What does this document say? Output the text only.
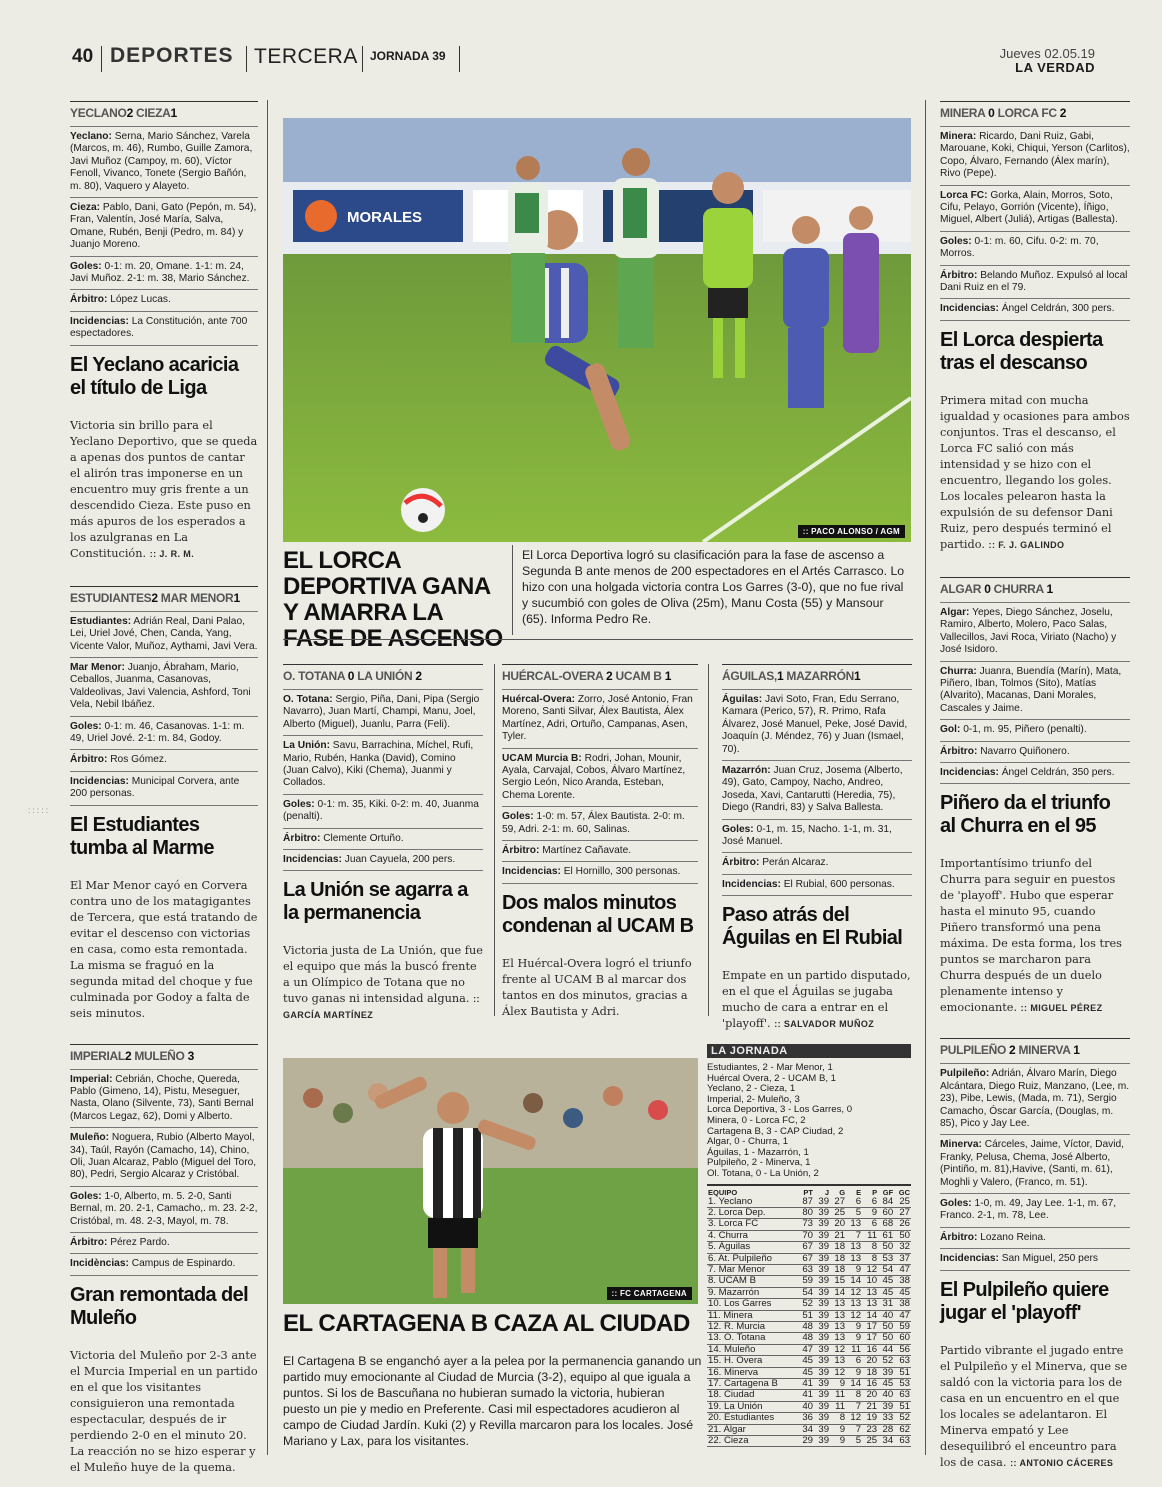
40 DEPORTES TERCERA JORNADA 39	Jueves 02.05.19
LA VERDAD
: : : : :
YECLANO2 CIEZA1
Yeclano: Serna, Mario Sánchez, Varela (Marcos, m. 46), Rumbo, Guille Zamora, Javi Muñoz (Campoy, m. 60), Víctor Fenoll, Vivanco, Tonete (Sergio Bañón, m. 80), Vaquero y Alayeto.
Cieza: Pablo, Dani, Gato (Pepón, m. 54), Fran, Valentín, José María, Salva, Omane, Rubén, Benji (Pedro, m. 84) y Juanjo Moreno.
Goles: 0-1: m. 20, Omane. 1-1: m. 24, Javi Muñoz. 2-1: m. 38, Mario Sánchez.
Árbitro: López Lucas.
Incidencias: La Constitución, ante 700 espectadores.
El Yeclano acaricia el título de Liga

Victoria sin brillo para el Yeclano Deportivo, que se queda a apenas dos puntos de cantar el alirón tras imponerse en un encuentro muy gris frente a un descendido Cieza. Este puso en más apuros de los esperados a los azulgranas en La Constitución. :: J. R. M.

ESTUDIANTES2 MAR MENOR1
Estudiantes: Adrián Real, Dani Palao, Lei, Uriel Jové, Chen, Canda, Yang, Vicente Valor, Muñoz, Aythami, Javi Vera.
Mar Menor: Juanjo, Ábraham, Mario, Ceballos, Juanma, Casanovas, Valdeolivas, Javi Valencia, Ashford, Toni Vela, Nebil Ibáñez.
Goles: 0-1: m. 46, Casanovas. 1-1: m. 49, Uriel Jové. 2-1: m. 84, Godoy.
Árbitro: Ros Gómez.
Incidencias: Municipal Corvera, ante 200 personas.
El Estudiantes tumba al Marme

El Mar Menor cayó en Corvera contra uno de los matagigantes de Tercera, que está tratando de evitar el descenso con victorias en casa, como esta remontada. La misma se fraguó en la segunda mitad del choque y fue culminada por Godoy a falta de seis minutos.

IMPERIAL2 MULEÑO 3
Imperial: Cebrián, Choche, Quereda, Pablo (Gimeno, 14), Pistu, Meseguer, Nasta, Olano (Silvente, 73), Santi Bernal (Marcos Legaz, 62), Domi y Alberto.
Muleño: Noguera, Rubio (Alberto Mayol, 34), Taúl, Rayón (Camacho, 14), Chino, Oli, Juan Alcaraz, Pablo (Miguel del Toro, 80), Pedri, Sergio Alcaraz y Cristóbal.
Goles: 1-0, Alberto, m. 5. 2-0, Santi Bernal, m. 20. 2-1, Camacho,. m. 23. 2-2, Cristóbal, m. 48. 2-3, Mayol, m. 78.
Árbitro: Pérez Pardo.
Incidèncias: Campus de Espinardo.
Gran remontada del Muleño

Victoria del Muleño por 2-3 ante el Murcia Imperial en un partido en el que los visitantes consiguieron una remontada espectacular, después de ir perdiendo 2-0 en el minuto 20. La reacción no se hizo esperar y el Muleño huye de la quema.

MORALES
:: PACO ALONSO / AGM
EL LORCA DEPORTIVA GANA Y AMARRA LA FASE DE ASCENSO

El Lorca Deportiva logró su clasificación para la fase de ascenso a Segunda B ante menos de 200 espectadores en el Artés Carrasco. Lo hizo con una holgada victoria contra Los Garres (3-0), que no fue rival y sucumbió con goles de Oliva (25m), Manu Costa (55) y Mansour (65). Informa Pedro Re.

O. TOTANA 0 LA UNIÓN 2
O. Totana: Sergio, Piña, Dani, Pipa (Sergio Navarro), Juan Martí, Champi, Manu, Joel, Alberto (Miguel), Juanlu, Parra (Feli).
La Unión: Savu, Barrachina, Míchel, Rufi, Mario, Rubén, Hanka (David), Comino (Juan Calvo), Kiki (Chema), Juanmi y Collados.
Goles: 0-1: m. 35, Kiki. 0-2: m. 40, Juanma (penalti).
Árbitro: Clemente Ortuño.
Incidencias: Juan Cayuela, 200 pers.
La Unión se agarra a la permanencia

Victoria justa de La Unión, que fue el equipo que más la buscó frente a un Olímpico de Totana que no tuvo ganas ni intensidad alguna. :: GARCÍA MARTÍNEZ

HUÉRCAL-OVERA 2 UCAM B 1
Huércal-Overa: Zorro, José Antonio, Fran Moreno, Santi Silvar, Álex Bautista, Álex Martínez, Adri, Ortuño, Campanas, Asen, Tyler.
UCAM Murcia B: Rodri, Johan, Mounir, Ayala, Carvajal, Cobos, Álvaro Martínez, Sergio León, Nico Aranda, Esteban, Chema Lorente.
Goles: 1-0: m. 57, Álex Bautista. 2-0: m. 59, Adri. 2-1: m. 60, Salinas.
Árbitro: Martínez Cañavate.
Incidencias: El Hornillo, 300 personas.
Dos malos minutos condenan al UCAM B

El Huércal-Overa logró el triunfo frente al UCAM B al marcar dos tantos en dos minutos, gracias a Álex Bautista y Adri.

ÁGUILAS,1 MAZARRÓN1
Águilas: Javi Soto, Fran, Edu Serrano, Kamara (Perico, 57), R. Primo, Rafa Álvarez, José Manuel, Peke, José David, Joaquín (J. Méndez, 76) y Juan (Ismael, 70).
Mazarrón: Juan Cruz, Josema (Alberto, 49), Gato, Campoy, Nacho, Andreo, Joseda, Xavi, Cantarutti (Heredia, 75), Diego (Randri, 83) y Salva Ballesta.
Goles: 0-1, m. 15, Nacho. 1-1, m. 31, José Manuel.
Árbitro: Perán Alcaraz.
Incidencias: El Rubial, 600 personas.
Paso atrás del Águilas en El Rubial

Empate en un partido disputado, en el que el Águilas se jugaba mucho de cara a entrar en el 'playoff'. :: SALVADOR MUÑOZ

:: FC CARTAGENA
EL CARTAGENA B CAZA AL CIUDAD

El Cartagena B se enganchó ayer a la pelea por la permanencia ganando un partido muy emocionante al Ciudad de Murcia (3-2), equipo al que iguala a puntos. Si los de Bascuñana no hubieran sumado la victoria, hubieran puesto un pie y medio en Preferente. Casi mil espectadores acudieron al campo de Ciudad Jardín. Kuki (2) y Revilla marcaron para los locales. José Mariano y Lax, para los visitantes.

LA JORNADA
Estudiantes, 2 - Mar Menor, 1
Huércal Overa, 2 - UCAM B, 1
Yeclano, 2 - Cieza, 1
Imperial, 2- Muleño, 3
Lorca Deportiva, 3 - Los Garres, 0
Minera, 0 - Lorca FC, 2
Cartagena B, 3 - CAP Ciudad, 2
Algar, 0 - Churra, 1
Águilas, 1 - Mazarrón, 1
Pulpileño, 2 - Minerva, 1
Ol. Totana, 0 - La Unión, 2
EQUIPO	PT	J	G	E	P	GF	GC
1. Yeclano	87	39	27	6	6	84	25
2. Lorca Dep.	80	39	25	5	9	60	27
3. Lorca FC	73	39	20	13	6	68	26
4. Churra	70	39	21	7	11	61	50
5. Águilas	67	39	18	13	8	50	32
6. At. Pulpileño	67	39	18	13	8	53	37
7. Mar Menor	63	39	18	9	12	54	47
8. UCAM B	59	39	15	14	10	45	38
9. Mazarrón	54	39	14	12	13	45	45
10. Los Garres	52	39	13	13	13	31	38
11. Minera	51	39	13	12	14	40	47
12. R. Murcia	48	39	13	9	17	50	59
13. O. Totana	48	39	13	9	17	50	60
14. Muleño	47	39	12	11	16	44	56
15. H. Overa	45	39	13	6	20	52	63
16. Minerva	45	39	12	9	18	39	51
17. Cartagena B	41	39	9	14	16	45	53
18. Ciudad	41	39	11	8	20	40	63
19. La Unión	40	39	11	7	21	39	51
20. Estudiantes	36	39	8	12	19	33	52
21. Algar	34	39	9	7	23	28	62
22. Cieza	29	39	9	5	25	34	63
MINERA 0 LORCA FC 2
Minera: Ricardo, Dani Ruiz, Gabi, Marouane, Koki, Chiqui, Yerson (Carlitos), Copo, Álvaro, Fernando (Álex marín), Rivo (Pepe).
Lorca FC: Gorka, Alain, Morros, Soto, Cifu, Pelayo, Gorrión (Vicente), Íñigo, Miguel, Albert (Juliá), Artigas (Ballesta).
Goles: 0-1: m. 60, Cifu. 0-2: m. 70, Morros.
Árbitro: Belando Muñoz. Expulsó al local Dani Ruiz en el 79.
Incidencias: Ángel Celdrán, 300 pers.
El Lorca despierta tras el descanso

Primera mitad con mucha igualdad y ocasiones para ambos conjuntos. Tras el descanso, el Lorca FC salió con más intensidad y se hizo con el encuentro, llegando los goles. Los locales pelearon hasta la expulsión de su defensor Dani Ruiz, pero después terminó el partido. :: F. J. GALINDO

ALGAR 0 CHURRA 1
Algar: Yepes, Diego Sánchez, Joselu, Ramiro, Alberto, Molero, Paco Salas, Vallecillos, Javi Roca, Viriato (Nacho) y José Isidoro.
Churra: Juanra, Buendía (Marín), Mata, Piñero, Iban, Tolmos (Sito), Matías (Alvarito), Macanas, Dani Morales, Cascales y Jaime.
Gol: 0-1, m. 95, Piñero (penalti).
Árbitro: Navarro Quiñonero.
Incidencias: Ángel Celdrán, 350 pers.
Piñero da el triunfo al Churra en el 95

Importantísimo triunfo del Churra para seguir en puestos de 'playoff'. Hubo que esperar hasta el minuto 95, cuando Piñero transformó una pena máxima. De esta forma, los tres puntos se marcharon para Churra después de un duelo plenamente intenso y emocionante. :: MIGUEL PÉREZ

PULPILEÑO 2 MINERVA 1
Pulpileño: Adrián, Álvaro Marín, Diego Alcántara, Diego Ruiz, Manzano, (Lee, m. 23), Pibe, Lewis, (Mada, m. 71), Sergio Camacho, Óscar García, (Douglas, m. 85), Pico y Jay Lee.
Minerva: Cárceles, Jaime, Víctor, David, Franky, Pelusa, Chema, José Alberto, (Pintiño, m. 81),Havive, (Santi, m. 61), Moghli y Valero, (Franco, m. 51).
Goles: 1-0, m. 49, Jay Lee. 1-1, m. 67, Franco. 2-1, m. 78, Lee.
Árbitro: Lozano Reina.
Incidencias: San Miguel, 250 pers
El Pulpileño quiere jugar el 'playoff'

Partido vibrante el jugado entre el Pulpileño y el Minerva, que se saldó con la victoria para los de casa en un encuentro en el que los locales se adelantaron. El Minerva empató y Lee desequilibró el enceuntro para los de casa. :: ANTONIO CÁCERES
